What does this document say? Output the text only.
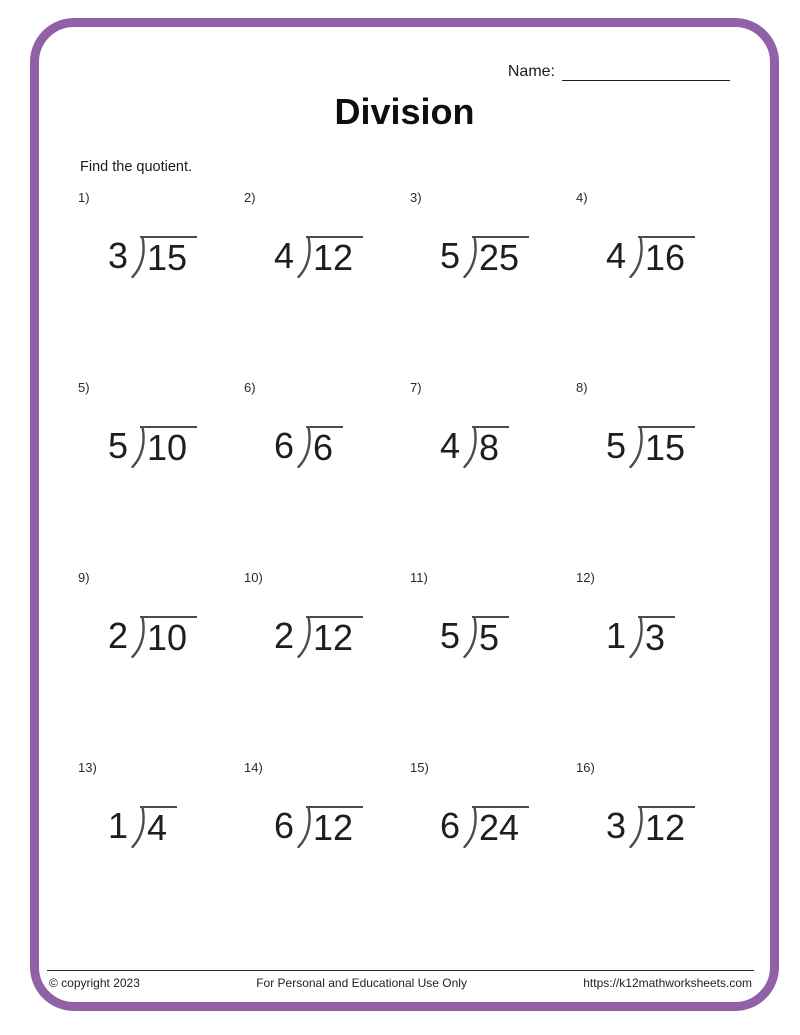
Name:
Division
Find the quotient.
1)
3 15
2)
4 12
3)
5 25
4)
4 16
5)
5 10
6)
6 6
7)
4 8
8)
5 15
9)
2 10
10)
2 12
11)
5 5
12)
1 3
13)
1 4
14)
6 12
15)
6 24
16)
3 12
© copyright 2023	For Personal and Educational Use Only	https://k12mathworksheets.com
